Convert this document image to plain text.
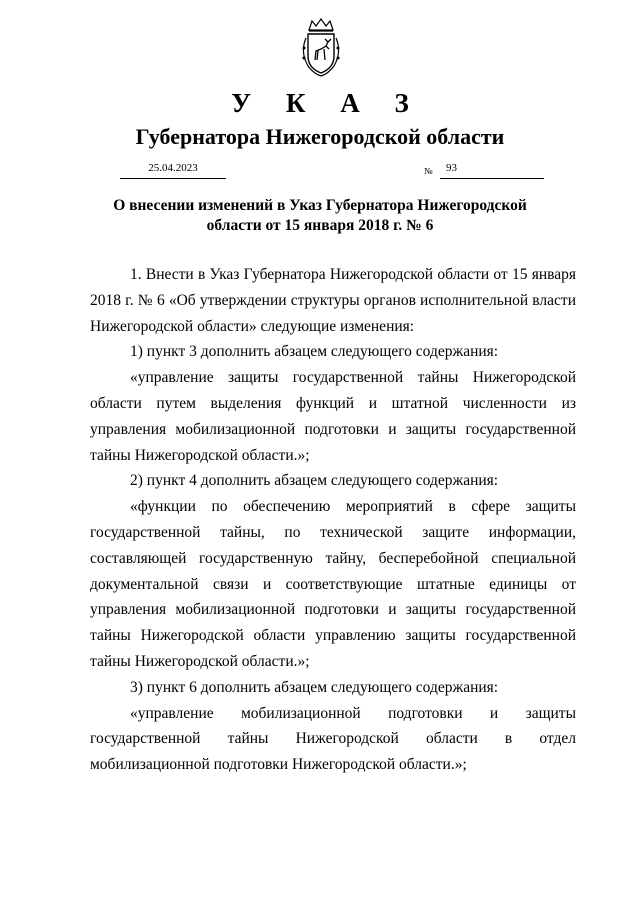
У К А З
Губернатора Нижегородской области
25.04.2023	№	93
О внесении изменений в Указ Губернатора Нижегородской
области от 15 января 2018 г. № 6

1. Внести в Указ Губернатора Нижегородской области от 15 января 2018 г. № 6 «Об утверждении структуры органов исполнительной власти Нижегородской области» следующие изменения:

1) пункт 3 дополнить абзацем следующего содержания:

«управление защиты государственной тайны Нижегородской области путем выделения функций и штатной численности из управления мобилизационной подготовки и защиты государственной тайны Нижегородской области.»;

2) пункт 4 дополнить абзацем следующего содержания:

«функции по обеспечению мероприятий в сфере защиты государственной тайны, по технической защите информации, составляющей государственную тайну, бесперебойной специальной документальной связи и соответствующие штатные единицы от управления мобилизационной подготовки и защиты государственной тайны Нижегородской области управлению защиты государственной тайны Нижегородской области.»;

3) пункт 6 дополнить абзацем следующего содержания:

«управление мобилизационной подготовки и защиты государственной тайны Нижегородской области в отдел мобилизационной подготовки Нижегородской области.»;
